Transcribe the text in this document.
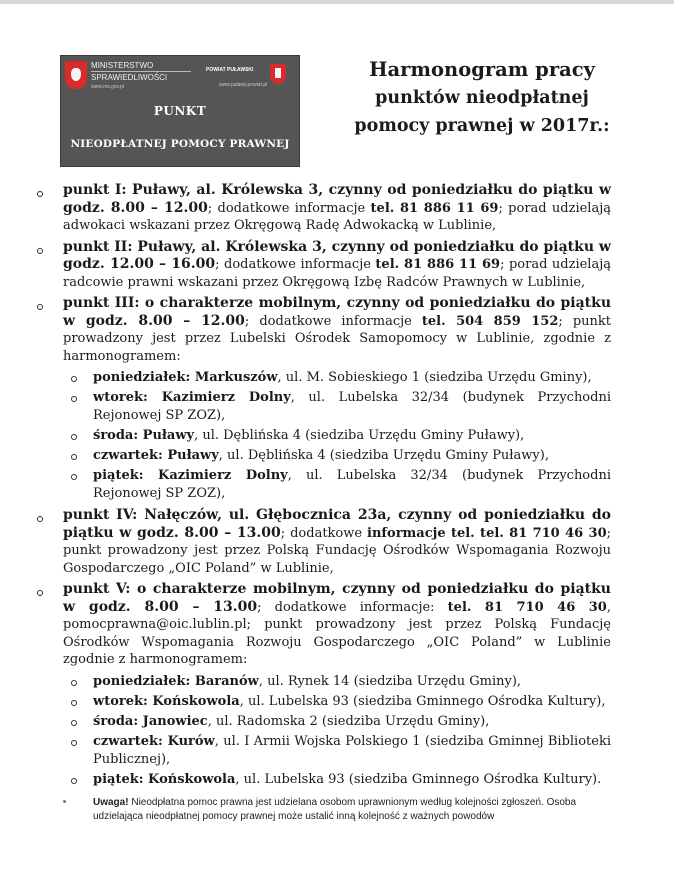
MINISTERSTWO
SPRAWIEDLIWOŚCI
www.ms.gov.pl
POWIAT PUŁAWSKI
www.pulawy.powiat.pl
PUNKT
NIEODPŁATNEJ POMOCY PRAWNEJ
Harmonogram pracy
punktów nieodpłatnej
pomocy prawnej w 2017r.:
punkt I: Puławy, al. Królewska 3, czynny od poniedziałku do piątku w godz. 8.00 – 12.00; dodatkowe informacje tel. 81 886 11 69; porad udzielają adwokaci wskazani przez Okręgową Radę Adwokacką w Lublinie,
punkt II: Puławy, al. Królewska 3, czynny od poniedziałku do piątku w godz. 12.00 – 16.00; dodatkowe informacje tel. 81 886 11 69; porad udzielają radcowie prawni wskazani przez Okręgową Izbę Radców Prawnych w Lublinie,
punkt III: o charakterze mobilnym, czynny od poniedziałku do piątku w godz. 8.00 – 12.00; dodatkowe informacje tel. 504 859 152; punkt prowadzony jest przez Lubelski Ośrodek Samopomocy w Lublinie, zgodnie z harmonogramem:
poniedziałek: Markuszów, ul. M. Sobieskiego 1 (siedziba Urzędu Gminy),
wtorek: Kazimierz Dolny, ul. Lubelska 32/34 (budynek Przychodni Rejonowej SP ZOZ),
środa: Puławy, ul. Dęblińska 4 (siedziba Urzędu Gminy Puławy),
czwartek: Puławy, ul. Dęblińska 4 (siedziba Urzędu Gminy Puławy),
piątek: Kazimierz Dolny, ul. Lubelska 32/34 (budynek Przychodni Rejonowej SP ZOZ),
punkt IV: Nałęczów, ul. Głębocznica 23a, czynny od poniedziałku do piątku w godz. 8.00 – 13.00; dodatkowe informacje tel. tel. 81 710 46 30; punkt prowadzony jest przez Polską Fundację Ośrodków Wspomagania Rozwoju Gospodarczego „OIC Poland” w Lublinie,
punkt V: o charakterze mobilnym, czynny od poniedziałku do piątku w godz. 8.00 – 13.00; dodatkowe informacje: tel. 81 710 46 30, pomocprawna@oic.lublin.pl; punkt prowadzony jest przez Polską Fundację Ośrodków Wspomagania Rozwoju Gospodarczego „OIC Poland” w Lublinie zgodnie z harmonogramem:
poniedziałek: Baranów, ul. Rynek 14 (siedziba Urzędu Gminy),
wtorek: Końskowola, ul. Lubelska 93 (siedziba Gminnego Ośrodka Kultury),
środa: Janowiec, ul. Radomska 2 (siedziba Urzędu Gminy),
czwartek: Kurów, ul. I Armii Wojska Polskiego 1 (siedziba Gminnej Biblioteki Publicznej),
piątek: Końskowola, ul. Lubelska 93 (siedziba Gminnego Ośrodka Kultury).
Uwaga! Nieodpłatna pomoc prawna jest udzielana osobom uprawnionym według kolejności zgłoszeń. Osoba udzielająca nieodpłatnej pomocy prawnej może ustalić inną kolejność z ważnych powodów
